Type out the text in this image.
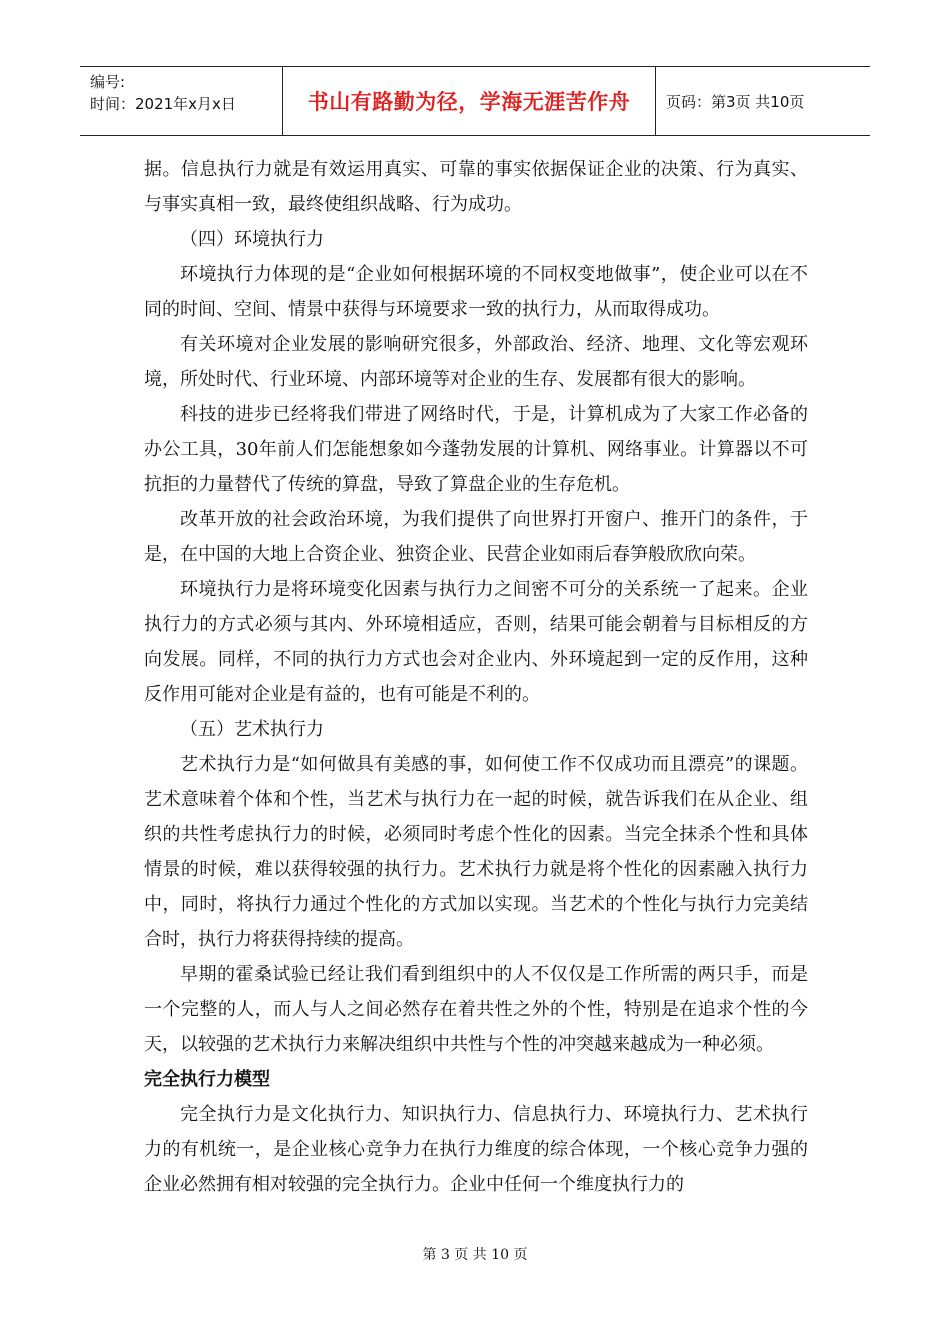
编号:
时间：2021年x月x日	书山有路勤为径，学海无涯苦作舟	页码：第3页 共10页

据。信息执行力就是有效运用真实、可靠的事实依据保证企业的决策、行为真实、与事实真相一致，最终使组织战略、行为成功。

（四）环境执行力

环境执行力体现的是“企业如何根据环境的不同权变地做事”，使企业可以在不同的时间、空间、情景中获得与环境要求一致的执行力，从而取得成功。

有关环境对企业发展的影响研究很多，外部政治、经济、地理、文化等宏观环境，所处时代、行业环境、内部环境等对企业的生存、发展都有很大的影响。

科技的进步已经将我们带进了网络时代，于是，计算机成为了大家工作必备的办公工具，30年前人们怎能想象如今蓬勃发展的计算机、网络事业。计算器以不可抗拒的力量替代了传统的算盘，导致了算盘企业的生存危机。

改革开放的社会政治环境，为我们提供了向世界打开窗户、推开门的条件，于是，在中国的大地上合资企业、独资企业、民营企业如雨后春笋般欣欣向荣。

环境执行力是将环境变化因素与执行力之间密不可分的关系统一了起来。企业执行力的方式必须与其内、外环境相适应，否则，结果可能会朝着与目标相反的方向发展。同样，不同的执行力方式也会对企业内、外环境起到一定的反作用，这种反作用可能对企业是有益的，也有可能是不利的。

（五）艺术执行力

艺术执行力是“如何做具有美感的事，如何使工作不仅成功而且漂亮”的课题。艺术意味着个体和个性，当艺术与执行力在一起的时候，就告诉我们在从企业、组织的共性考虑执行力的时候，必须同时考虑个性化的因素。当完全抹杀个性和具体情景的时候，难以获得较强的执行力。艺术执行力就是将个性化的因素融入执行力中，同时，将执行力通过个性化的方式加以实现。当艺术的个性化与执行力完美结合时，执行力将获得持续的提高。

早期的霍桑试验已经让我们看到组织中的人不仅仅是工作所需的两只手，而是一个完整的人，而人与人之间必然存在着共性之外的个性，特别是在追求个性的今天，以较强的艺术执行力来解决组织中共性与个性的冲突越来越成为一种必须。

完全执行力模型

完全执行力是文化执行力、知识执行力、信息执行力、环境执行力、艺术执行力的有机统一，是企业核心竞争力在执行力维度的综合体现，一个核心竞争力强的企业必然拥有相对较强的完全执行力。企业中任何一个维度执行力的

第 3 页 共 10 页
